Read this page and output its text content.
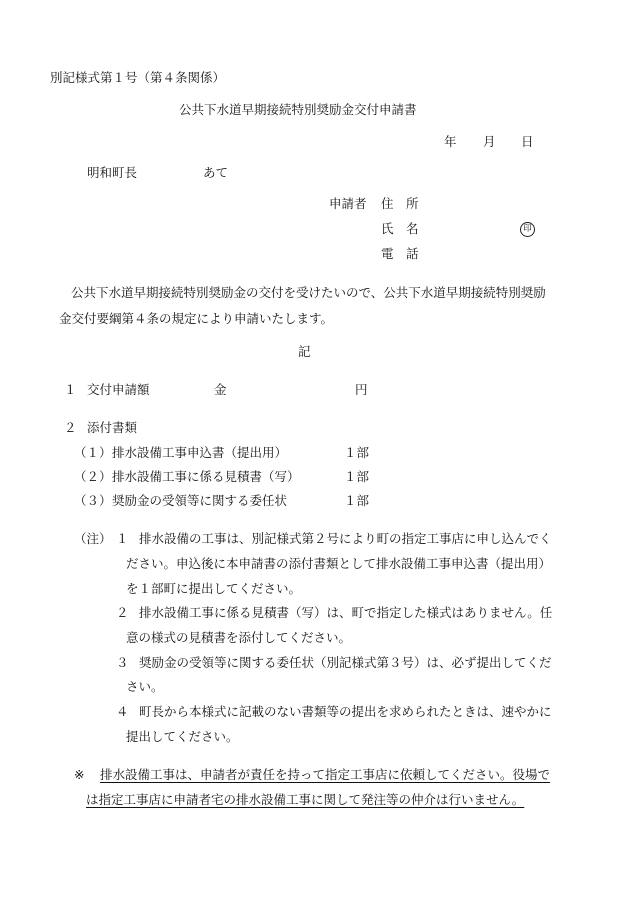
別記様式第１号（第４条関係）
公共下水道早期接続特別奨励金交付申請書
年 月 日
明和町長	あて
申請者 住　所
氏　名	印
電　話
公共下水道早期接続特別奨励金の交付を受けたいので、公共下水道早期接続特別奨励
金交付要綱第４条の規定により申請いたします。
記
１ 交付申請額	金	円
２ 添付書類
（１） 排水設備工事申込書（提出用）	１部
（２） 排水設備工事に係る見積書（写）	１部
（３） 奨励金の受領等に関する委任状	１部
（注） １ 排水設備の工事は、別記様式第２号により町の指定工事店に申し込んでく
ださい。申込後に本申請書の添付書類として排水設備工事申込書（提出用）
を１部町に提出してください。
２ 排水設備工事に係る見積書（写）は、町で指定した様式はありません。任
意の様式の見積書を添付してください。
３ 奨励金の受領等に関する委任状（別記様式第３号）は、必ず提出してくだ
さい。
４ 町長から本様式に記載のない書類等の提出を求められたときは、速やかに
提出してください。
※ 排水設備工事は、申請者が責任を持って指定工事店に依頼してください。役場で
は指定工事店に申請者宅の排水設備工事に関して発注等の仲介は行いません。
